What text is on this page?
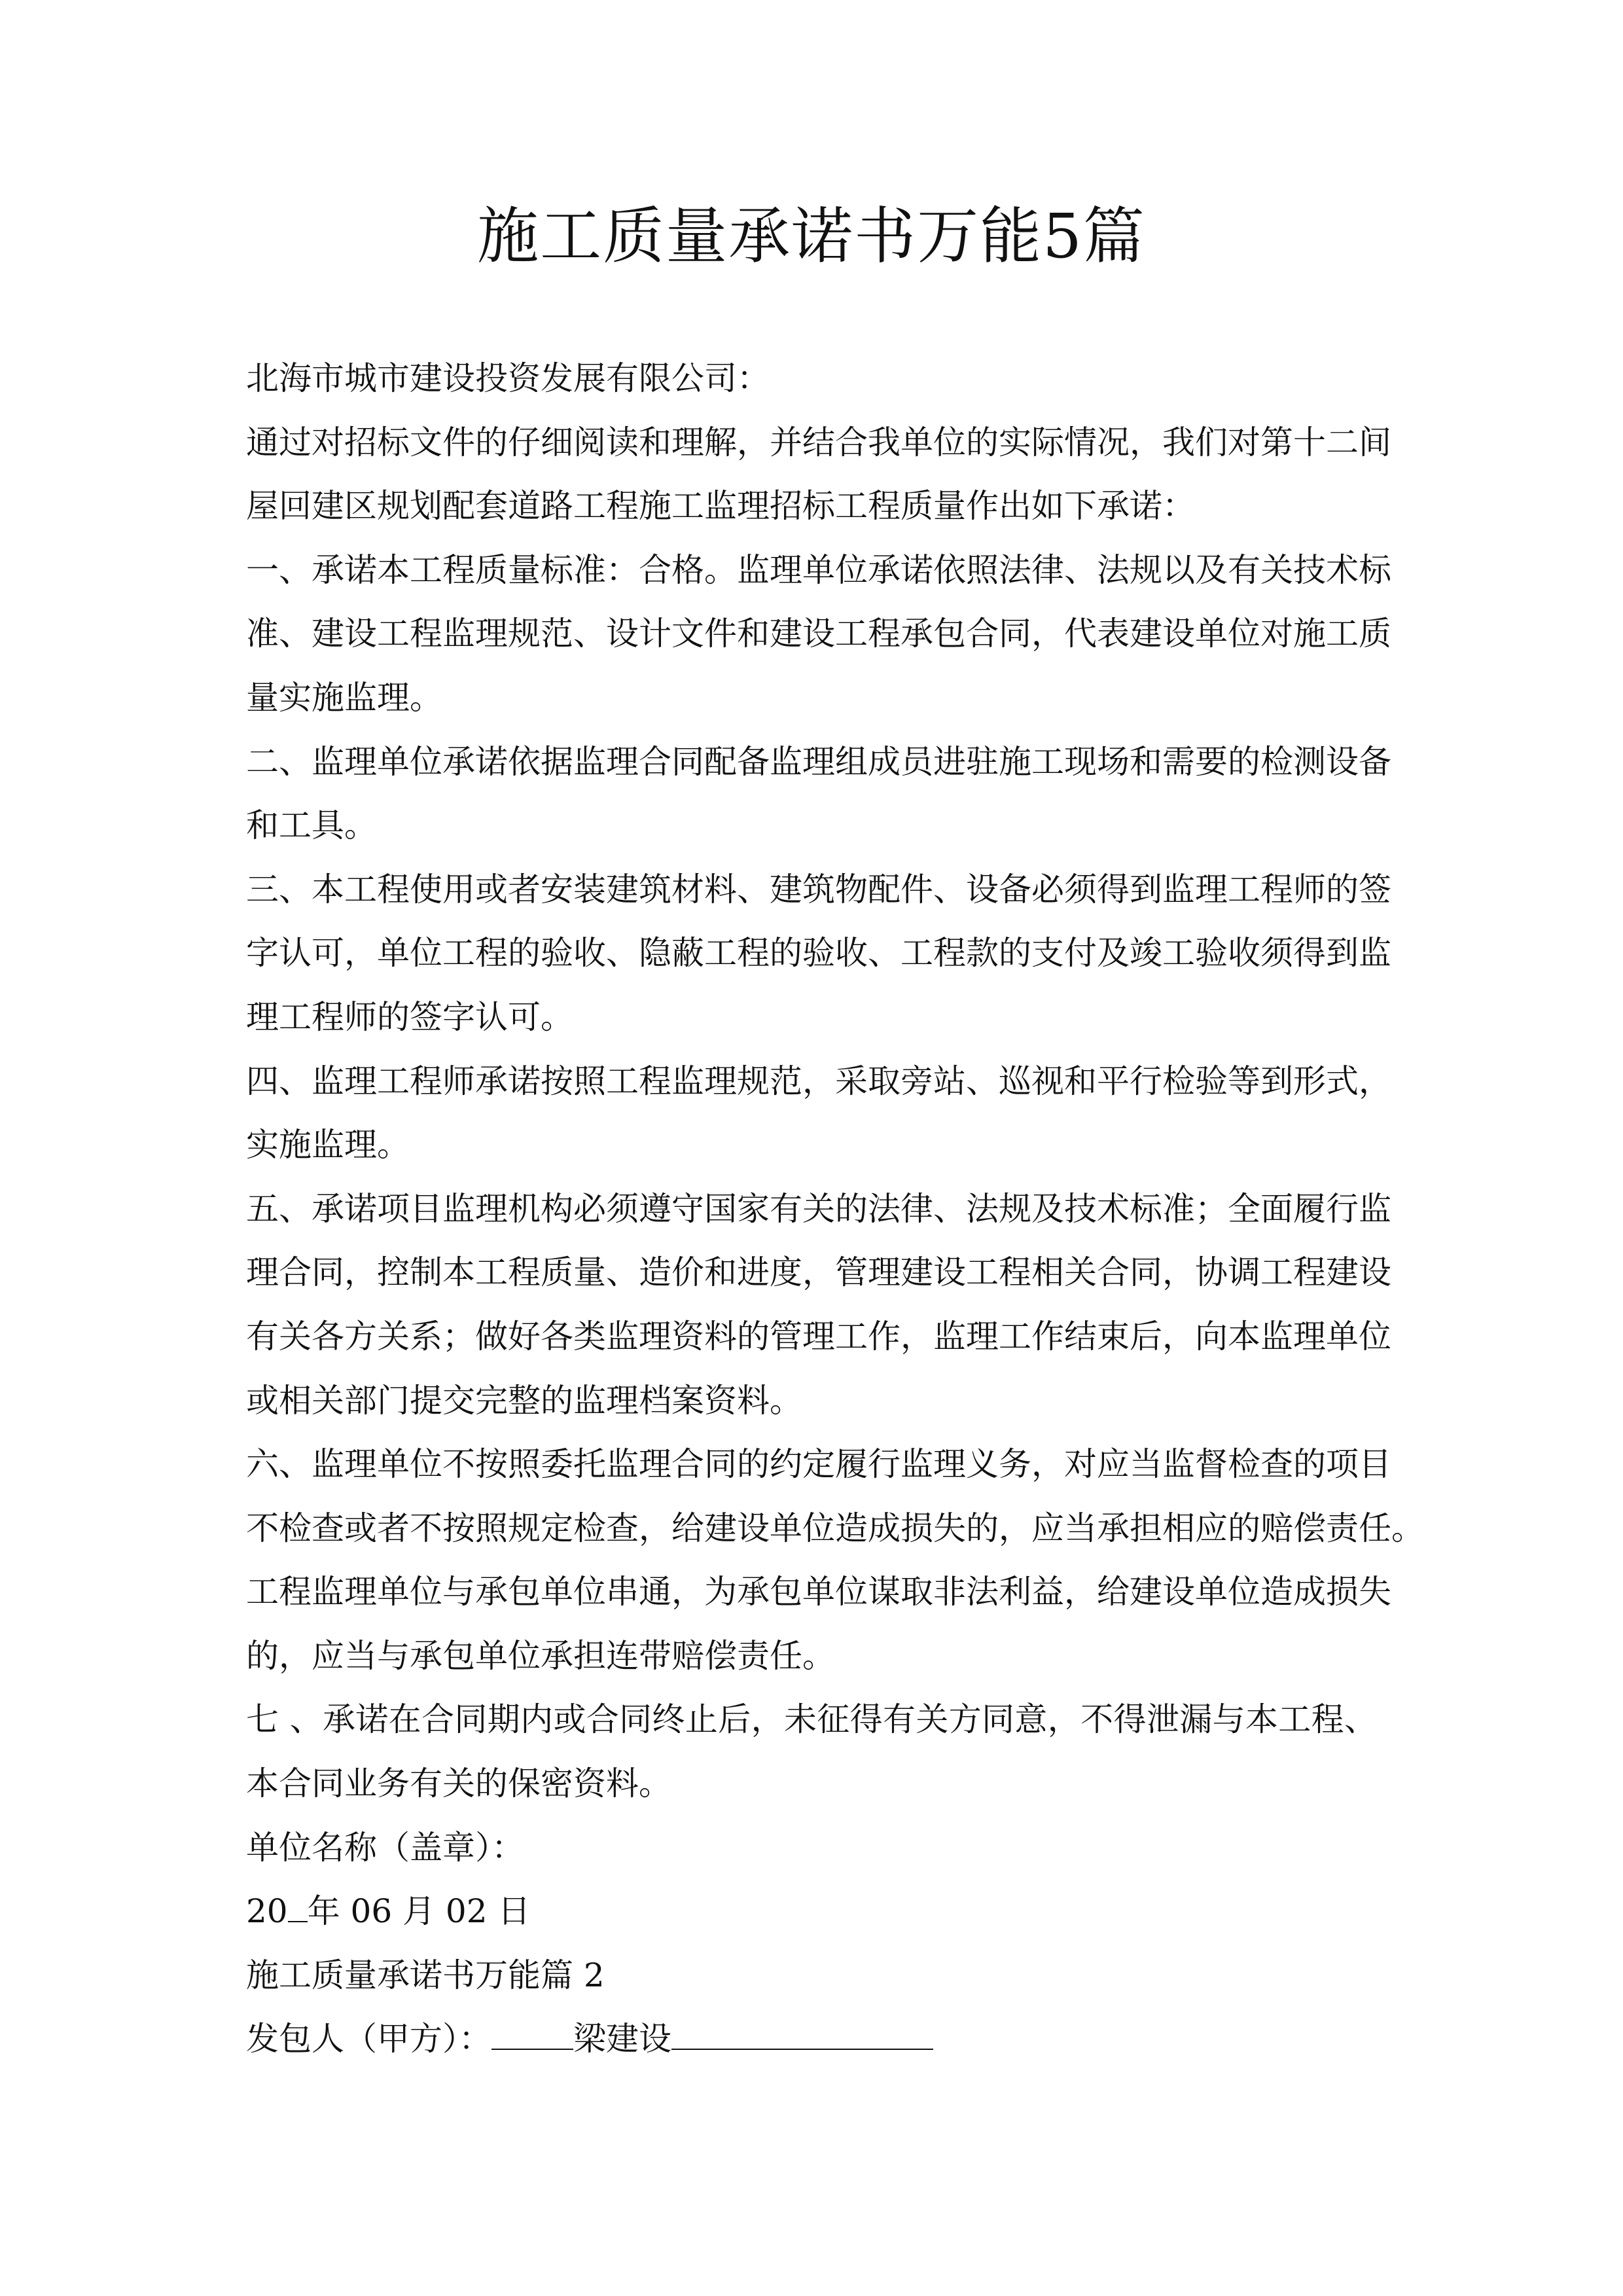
施工质量承诺书万能5篇
北海市城市建设投资发展有限公司：
通过对招标文件的仔细阅读和理解，并结合我单位的实际情况，我们对第十二间
屋回建区规划配套道路工程施工监理招标工程质量作出如下承诺：
一、承诺本工程质量标准：合格。监理单位承诺依照法律、法规以及有关技术标
准、建设工程监理规范、设计文件和建设工程承包合同，代表建设单位对施工质
量实施监理。
二、监理单位承诺依据监理合同配备监理组成员进驻施工现场和需要的检测设备
和工具。
三、本工程使用或者安装建筑材料、建筑物配件、设备必须得到监理工程师的签
字认可，单位工程的验收、隐蔽工程的验收、工程款的支付及竣工验收须得到监
理工程师的签字认可。
四、监理工程师承诺按照工程监理规范，采取旁站、巡视和平行检验等到形式，
实施监理。
五、承诺项目监理机构必须遵守国家有关的法律、法规及技术标准；全面履行监
理合同，控制本工程质量、造价和进度，管理建设工程相关合同，协调工程建设
有关各方关系；做好各类监理资料的管理工作，监理工作结束后，向本监理单位
或相关部门提交完整的监理档案资料。
六、监理单位不按照委托监理合同的约定履行监理义务，对应当监督检查的项目
不检查或者不按照规定检查，给建设单位造成损失的，应当承担相应的赔偿责任。
工程监理单位与承包单位串通，为承包单位谋取非法利益，给建设单位造成损失
的，应当与承包单位承担连带赔偿责任。
七 、承诺在合同期内或合同终止后，未征得有关方同意，不得泄漏与本工程、
本合同业务有关的保密资料。
单位名称（盖章）：
20 年 06 月 02 日
施工质量承诺书万能篇 2
发包人（甲方）：	梁建设
